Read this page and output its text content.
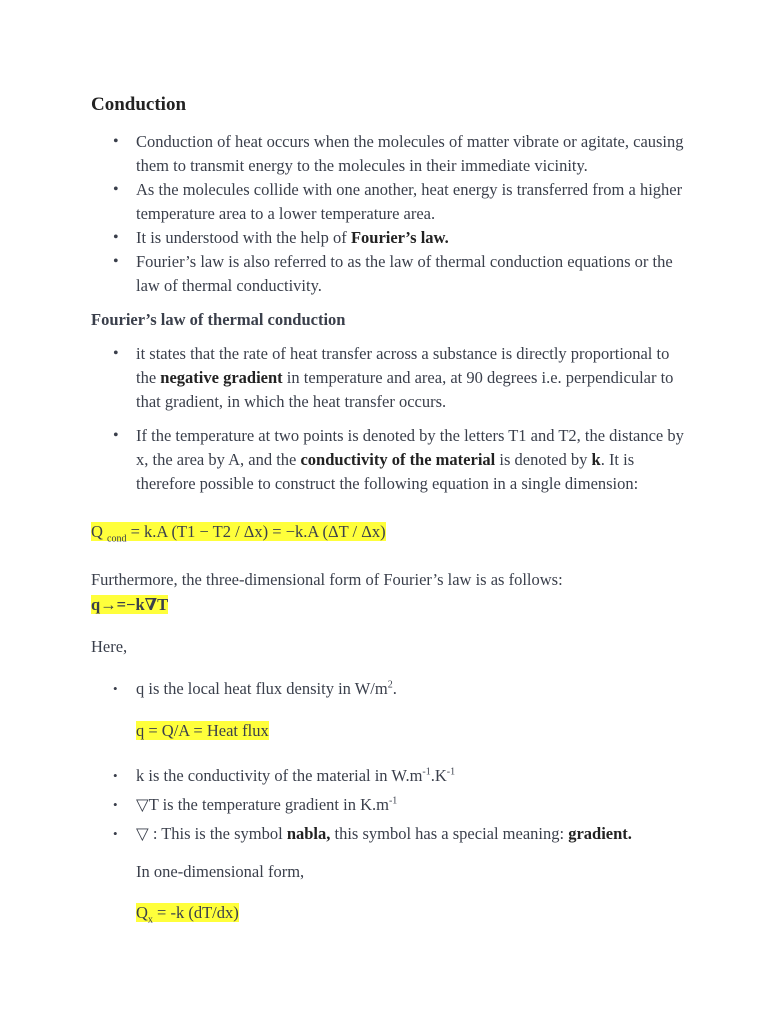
Conduction
• Conduction of heat occurs when the molecules of matter vibrate or agitate, causing them to transmit energy to the molecules in their immediate vicinity.
• As the molecules collide with one another, heat energy is transferred from a higher temperature area to a lower temperature area.
• It is understood with the help of Fourier’s law.
• Fourier’s law is also referred to as the law of thermal conduction equations or the law of thermal conductivity.
Fourier’s law of thermal conduction
• it states that the rate of heat transfer across a substance is directly proportional to the negative gradient in temperature and area, at 90 degrees i.e. perpendicular to that gradient, in which the heat transfer occurs.
• If the temperature at two points is denoted by the letters T1 and T2, the distance by x, the area by A, and the conductivity of the material is denoted by k. It is therefore possible to construct the following equation in a single dimension:

Q $_{cond}$ = k.A (T1 − T2 / Δx) = −k.A (ΔT / Δx)

Furthermore, the three-dimensional form of Fourier’s law is as follows:

q→=−k∇T

Here,

• q is the local heat flux density in $W/m^2$.

q = Q/A = Heat flux

• k is the conductivity of the material in $W.m^{-1}.K^{-1}$
• ▽T is the temperature gradient in $K.m^{-1}$
• ▽ : This is the symbol nabla, this symbol has a special meaning: gradient.

In one-dimensional form,

$Q_x = -k$ (dT/dx)
